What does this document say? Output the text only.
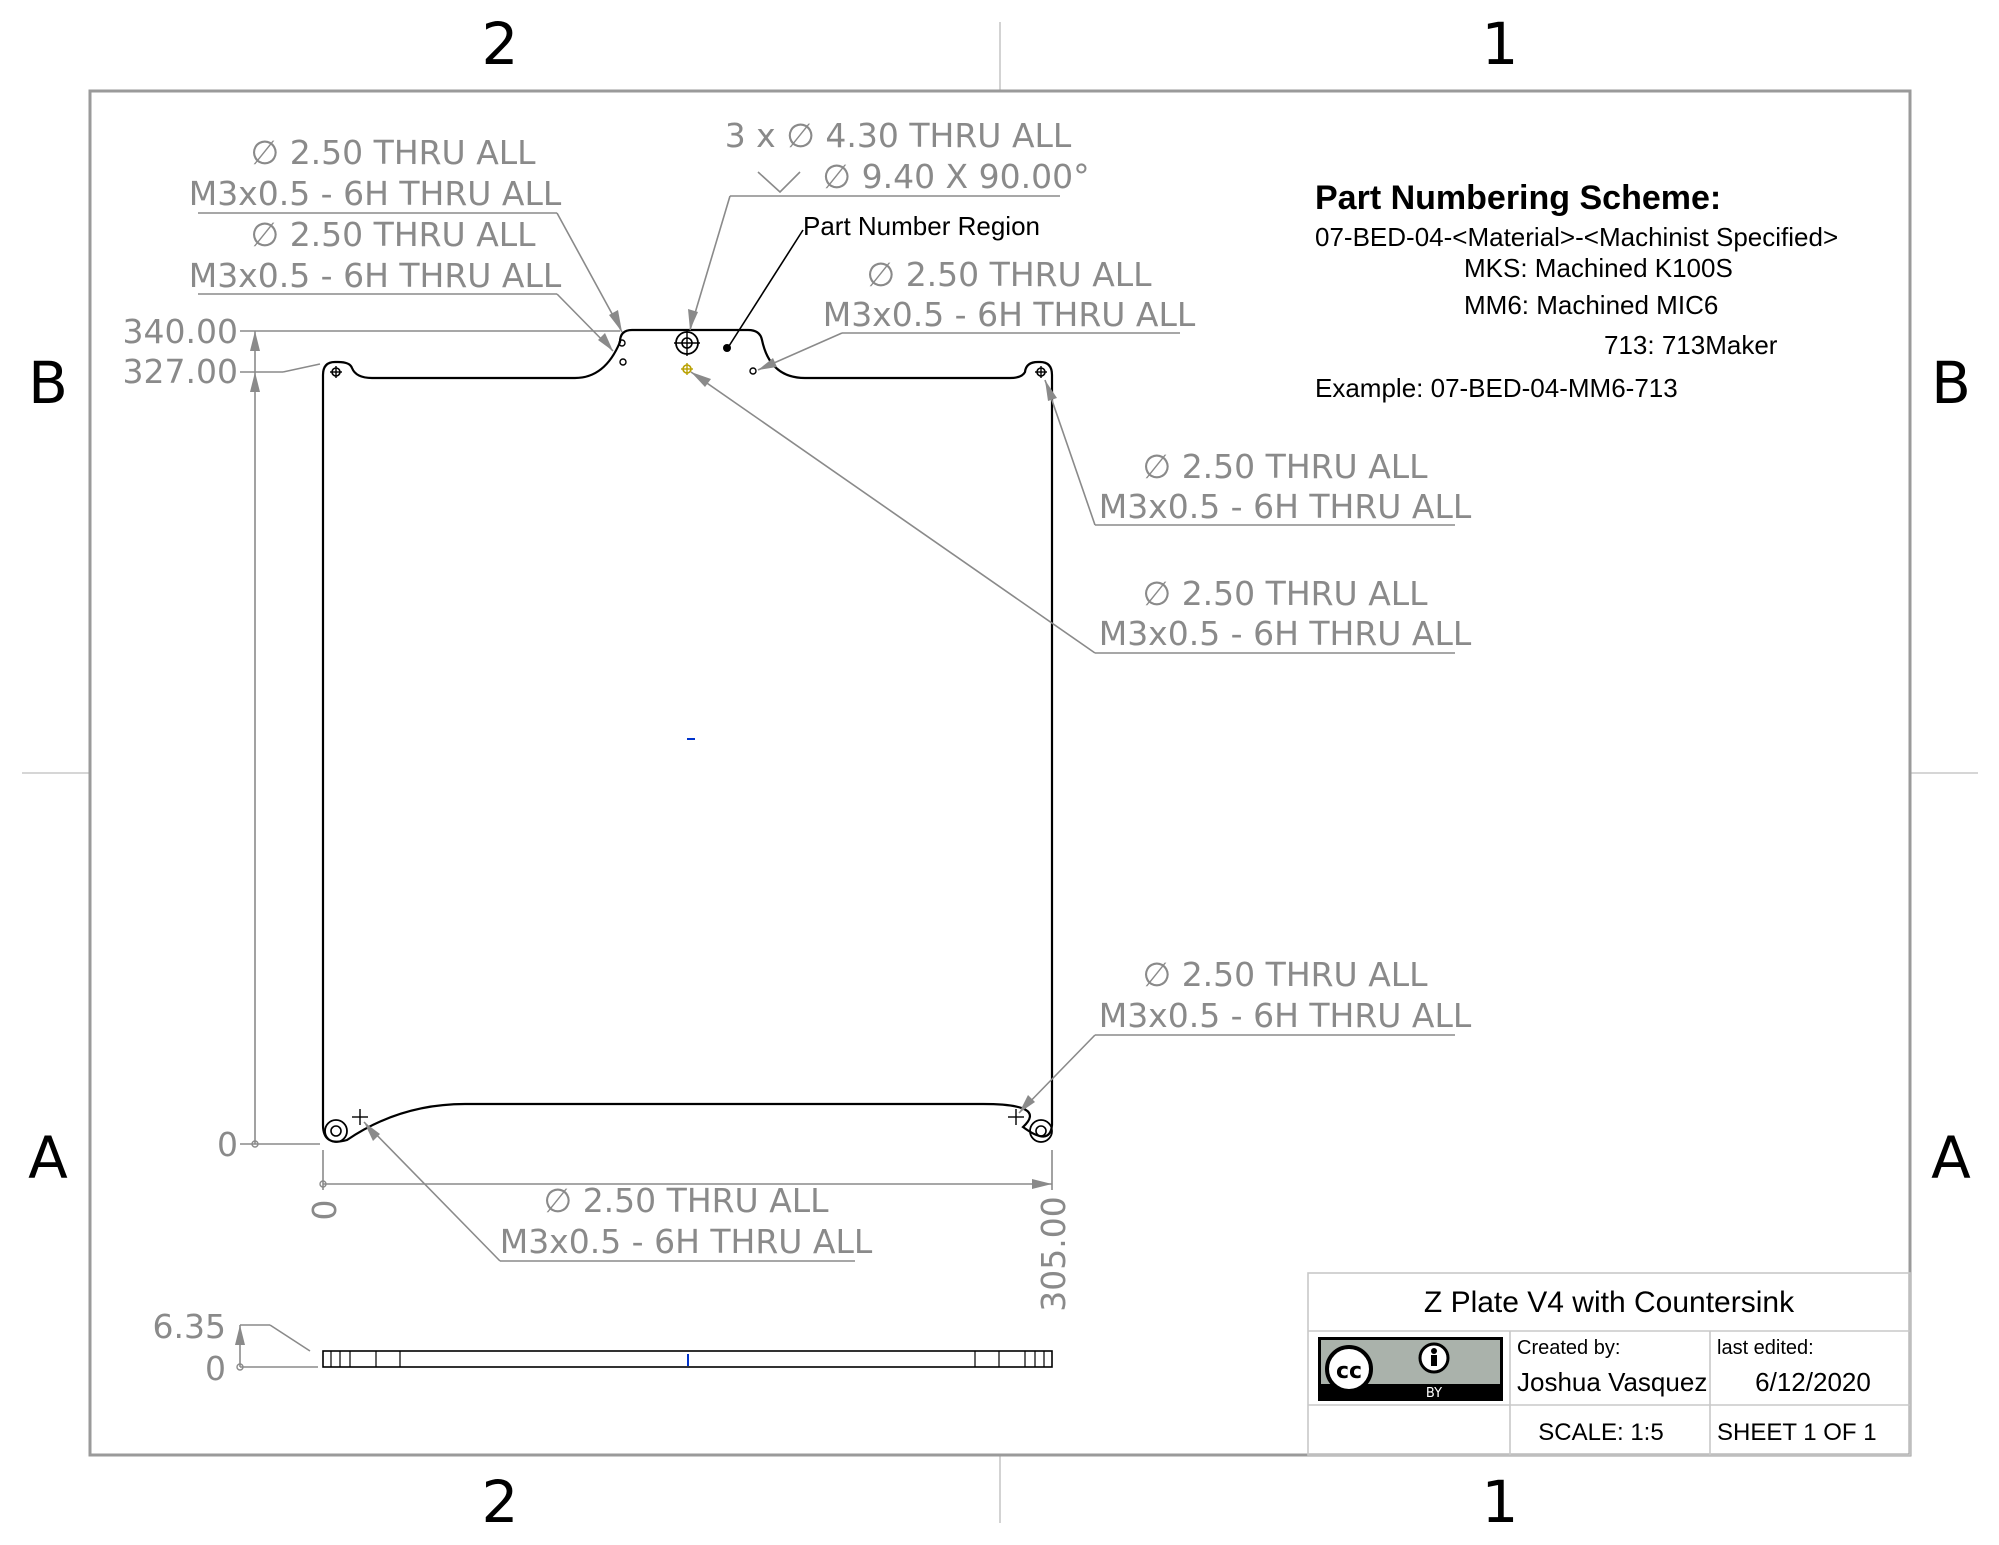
2	1
2	1
B
A
B
A
340.00
327.00
0
0	305.00
6.35
0
∅ 2.50 THRU ALL
M3x0.5 - 6H THRU ALL
∅ 2.50 THRU ALL
M3x0.5 - 6H THRU ALL
3 x ∅ 4.30 THRU ALL
∅ 9.40 X 90.00°
Part Number Region
∅ 2.50 THRU ALL
M3x0.5 - 6H THRU ALL
∅ 2.50 THRU ALL
M3x0.5 - 6H THRU ALL
∅ 2.50 THRU ALL
M3x0.5 - 6H THRU ALL
∅ 2.50 THRU ALL
M3x0.5 - 6H THRU ALL
∅ 2.50 THRU ALL
M3x0.5 - 6H THRU ALL
Part Numbering Scheme:
07-BED-04-<Material>-<Machinist Specified>
MKS: Machined K100S
MM6: Machined MIC6
713: 713Maker
Example: 07-BED-04-MM6-713
Z Plate V4 with Countersink
cc
BY
Created by:
Joshua Vasquez
last edited:
6/12/2020
SCALE: 1:5 SHEET 1 OF 1
